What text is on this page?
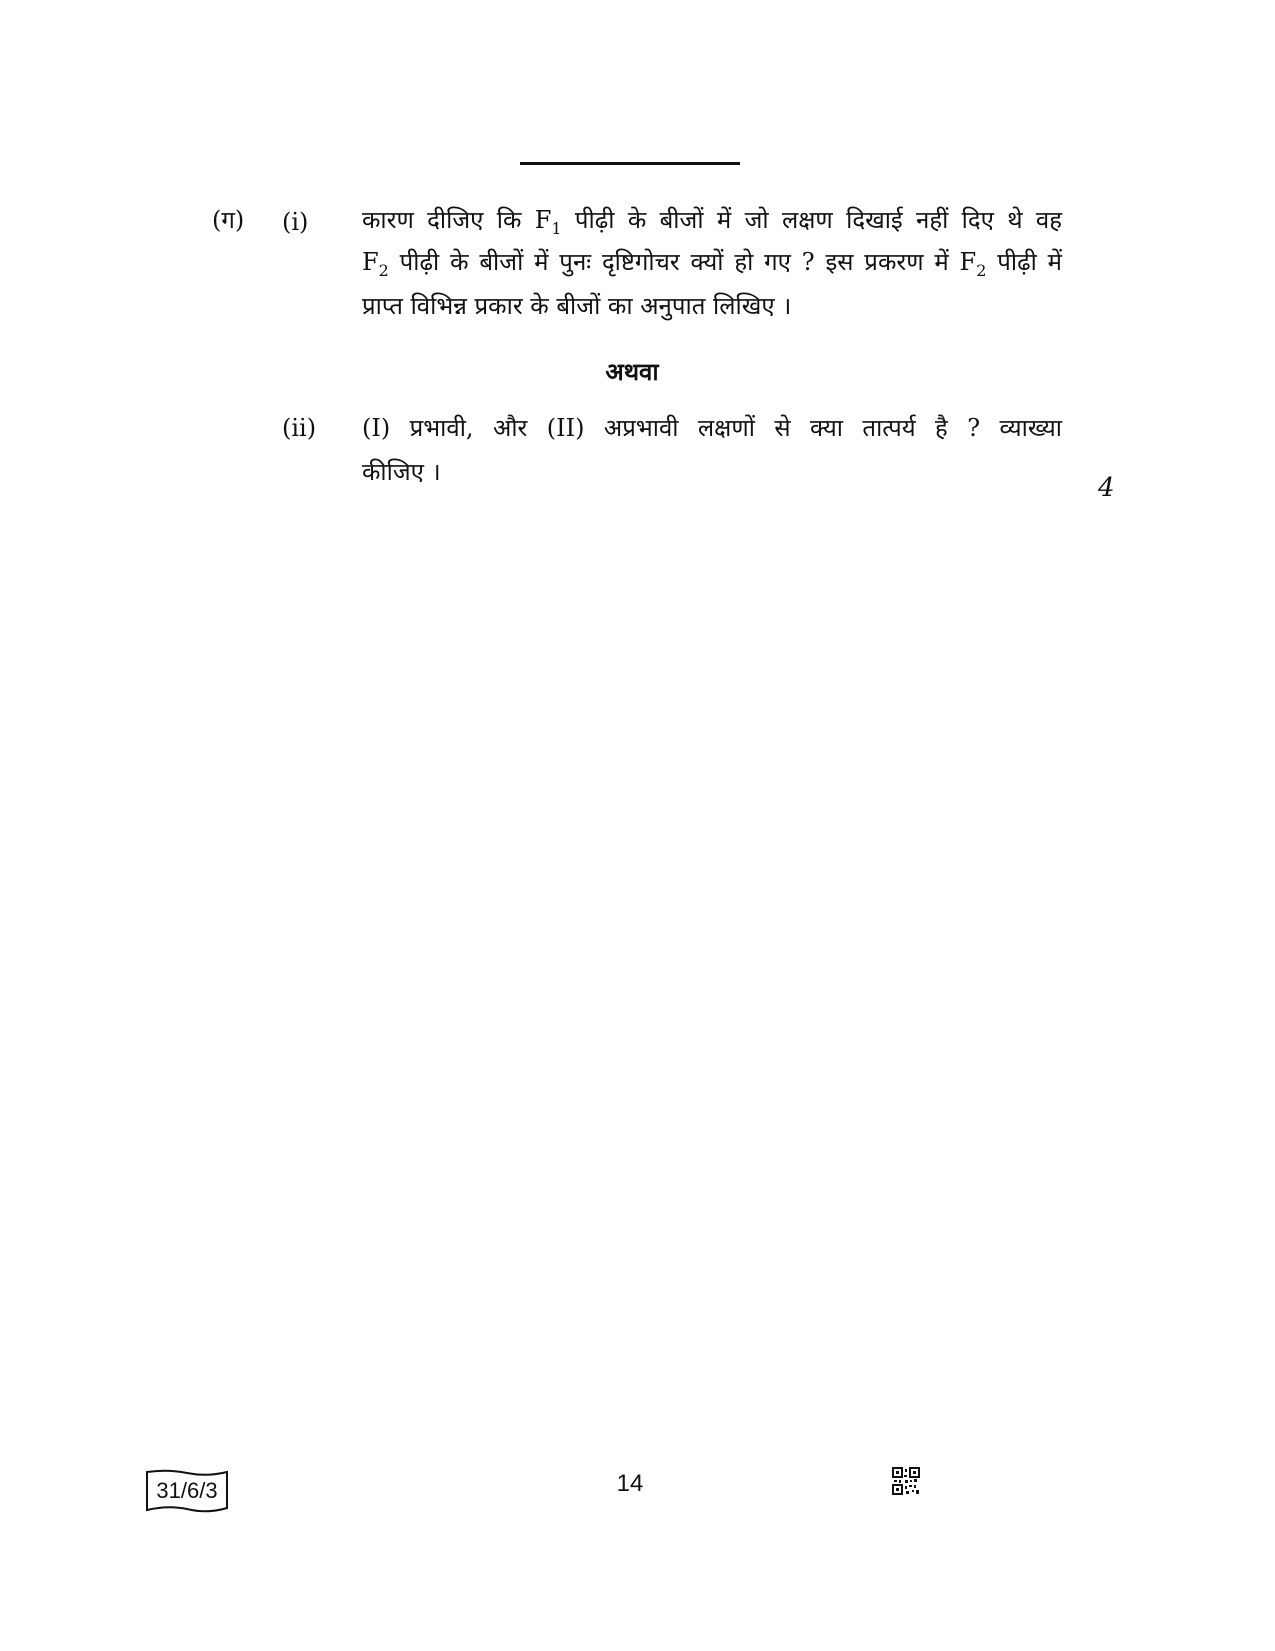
(ग) (i) कारण दीजिए कि $F_1$ पीढ़ी के बीजों में जो लक्षण दिखाई नहीं दिए थे वह
$F_2$ पीढ़ी के बीजों में पुनः दृष्टिगोचर क्यों हो गए ? इस प्रकरण में $F_2$ पीढ़ी में
प्राप्त विभिन्न प्रकार के बीजों का अनुपात लिखिए ।
अथवा
(ii) (I) प्रभावी, और (II) अप्रभावी लक्षणों से क्या तात्पर्य है ? व्याख्या
कीजिए ।
4
31/6/3	14
